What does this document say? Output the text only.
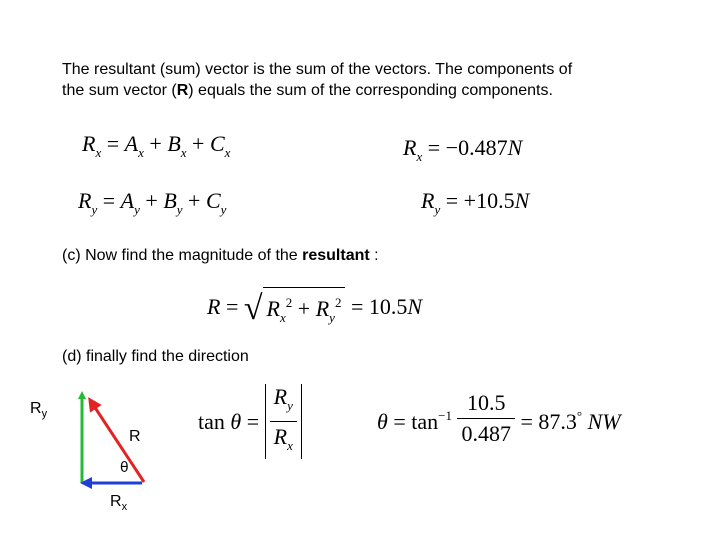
The resultant (sum) vector is the sum of the vectors. The components of
the sum vector (R) equals the sum of the corresponding components.
$R_x = A_x + B_x + C_x$	$R_x = -0.487N$
$R_y = A_y + B_y + C_y$	$R_y = +10.5N$
(c) Now find the magnitude of the resultant :
R = √ $R_x^2 + R_y^2 = 10.5N$
(d) finally find the direction
$R_y$
R
θ
$R_x$
$\tan \theta = \frac{R_y}{R_x}$	$\theta = \tan^{-1} \frac{10.5}{0.487} = 87.3^\circ$ NW
